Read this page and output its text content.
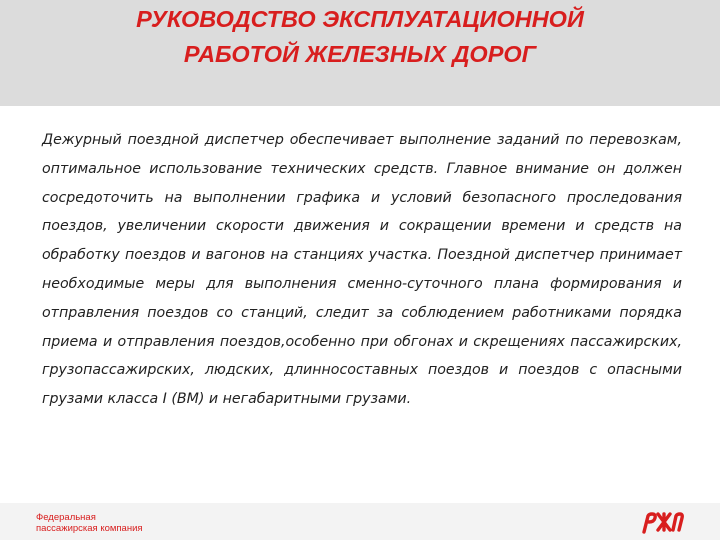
РУКОВОДСТВО ЭКСПЛУАТАЦИОННОЙ
РАБОТОЙ ЖЕЛЕЗНЫХ ДОРОГ

Дежурный поездной диспетчер обеспечивает выполнение заданий по перевозкам, оптимальное использование технических средств. Главное внимание он должен сосредоточить на выполнении графика и условий безопасного проследования поездов, увеличении скорости движения и сокращении времени и средств на обработку поездов и вагонов на станциях участка. Поездной диспетчер принимает необходимые меры для выполнения сменно-суточного плана формирования и отправления поездов со станций, следит за соблюдением работниками порядка приема и отправления поездов,особенно при обгонах и скрещениях пассажирских, грузопассажирских, людских, длинносоставных поездов и поездов с опасными грузами класса I (ВМ) и негабаритными грузами.

Федеральная
пассажирская компания
